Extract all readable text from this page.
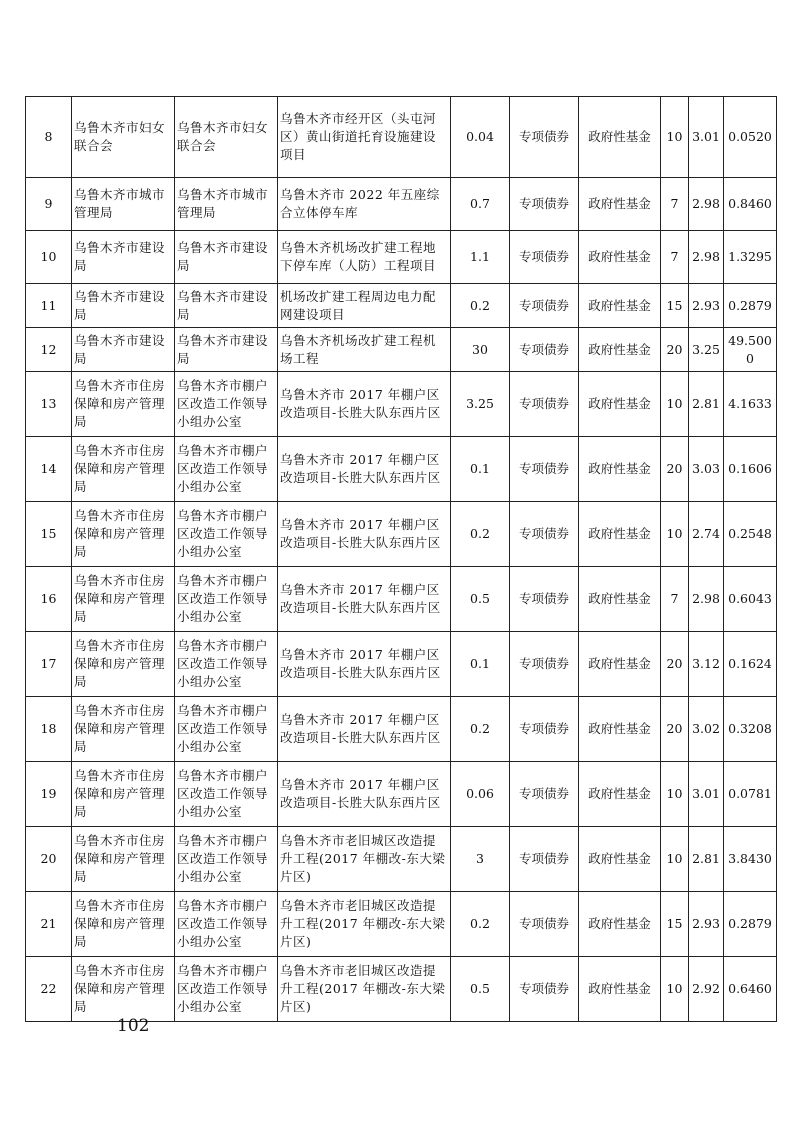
8	乌鲁木齐市妇女联合会	乌鲁木齐市妇女联合会	乌鲁木齐市经开区（头屯河区）黄山街道托育设施建设项目	0.04	专项债券	政府性基金	10	3.01	0.0520
9	乌鲁木齐市城市管理局	乌鲁木齐市城市管理局	乌鲁木齐市 2022 年五座综合立体停车库	0.7	专项债券	政府性基金	7	2.98	0.8460
10	乌鲁木齐市建设局	乌鲁木齐市建设局	乌鲁木齐机场改扩建工程地下停车库（人防）工程项目	1.1	专项债券	政府性基金	7	2.98	1.3295
11	乌鲁木齐市建设局	乌鲁木齐市建设局	机场改扩建工程周边电力配网建设项目	0.2	专项债券	政府性基金	15	2.93	0.2879
12	乌鲁木齐市建设局	乌鲁木齐市建设局	乌鲁木齐机场改扩建工程机场工程	30	专项债券	政府性基金	20	3.25	49.5000
13	乌鲁木齐市住房保障和房产管理局	乌鲁木齐市棚户区改造工作领导小组办公室	乌鲁木齐市 2017 年棚户区改造项目-长胜大队东西片区	3.25	专项债券	政府性基金	10	2.81	4.1633
14	乌鲁木齐市住房保障和房产管理局	乌鲁木齐市棚户区改造工作领导小组办公室	乌鲁木齐市 2017 年棚户区改造项目-长胜大队东西片区	0.1	专项债券	政府性基金	20	3.03	0.1606
15	乌鲁木齐市住房保障和房产管理局	乌鲁木齐市棚户区改造工作领导小组办公室	乌鲁木齐市 2017 年棚户区改造项目-长胜大队东西片区	0.2	专项债券	政府性基金	10	2.74	0.2548
16	乌鲁木齐市住房保障和房产管理局	乌鲁木齐市棚户区改造工作领导小组办公室	乌鲁木齐市 2017 年棚户区改造项目-长胜大队东西片区	0.5	专项债券	政府性基金	7	2.98	0.6043
17	乌鲁木齐市住房保障和房产管理局	乌鲁木齐市棚户区改造工作领导小组办公室	乌鲁木齐市 2017 年棚户区改造项目-长胜大队东西片区	0.1	专项债券	政府性基金	20	3.12	0.1624
18	乌鲁木齐市住房保障和房产管理局	乌鲁木齐市棚户区改造工作领导小组办公室	乌鲁木齐市 2017 年棚户区改造项目-长胜大队东西片区	0.2	专项债券	政府性基金	20	3.02	0.3208
19	乌鲁木齐市住房保障和房产管理局	乌鲁木齐市棚户区改造工作领导小组办公室	乌鲁木齐市 2017 年棚户区改造项目-长胜大队东西片区	0.06	专项债券	政府性基金	10	3.01	0.0781
20	乌鲁木齐市住房保障和房产管理局	乌鲁木齐市棚户区改造工作领导小组办公室	乌鲁木齐市老旧城区改造提升工程(2017 年棚改-东大梁片区)	3	专项债券	政府性基金	10	2.81	3.8430
21	乌鲁木齐市住房保障和房产管理局	乌鲁木齐市棚户区改造工作领导小组办公室	乌鲁木齐市老旧城区改造提升工程(2017 年棚改-东大梁片区)	0.2	专项债券	政府性基金	15	2.93	0.2879
22	乌鲁木齐市住房保障和房产管理局	乌鲁木齐市棚户区改造工作领导小组办公室	乌鲁木齐市老旧城区改造提升工程(2017 年棚改-东大梁片区)	0.5	专项债券	政府性基金	10	2.92	0.6460
102
